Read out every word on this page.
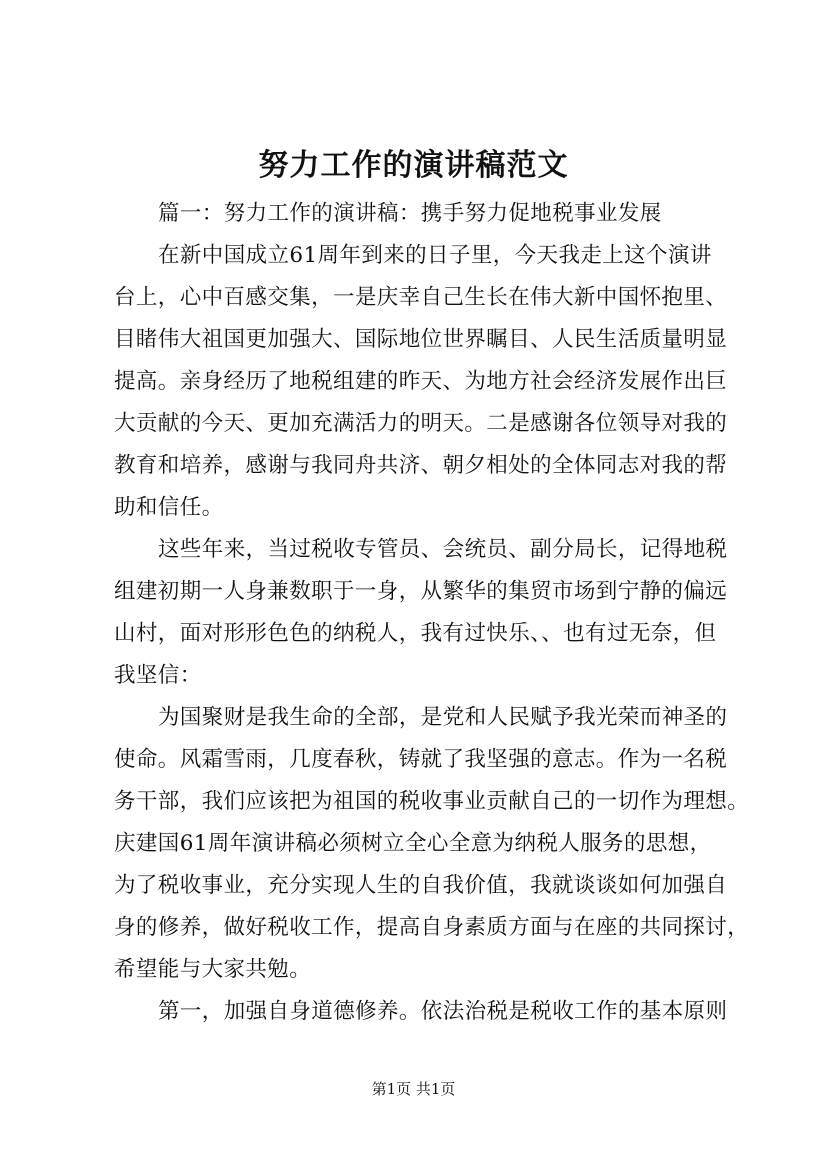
努力工作的演讲稿范文
篇一：努力工作的演讲稿：携手努力促地税事业发展
在新中国成立61周年到来的日子里，今天我走上这个演讲
台上，心中百感交集，一是庆幸自己生长在伟大新中国怀抱里、
目睹伟大祖国更加强大、国际地位世界瞩目、人民生活质量明显
提高。亲身经历了地税组建的昨天、为地方社会经济发展作出巨
大贡献的今天、更加充满活力的明天。二是感谢各位领导对我的
教育和培养，感谢与我同舟共济、朝夕相处的全体同志对我的帮
助和信任。
这些年来，当过税收专管员、会统员、副分局长，记得地税
组建初期一人身兼数职于一身，从繁华的集贸市场到宁静的偏远
山村，面对形形色色的纳税人，我有过快乐、、也有过无奈，但
我坚信：
为国聚财是我生命的全部，是党和人民赋予我光荣而神圣的
使命。风霜雪雨，几度春秋，铸就了我坚强的意志。作为一名税
务干部，我们应该把为祖国的税收事业贡献自己的一切作为理想。
庆建国61周年演讲稿必须树立全心全意为纳税人服务的思想，
为了税收事业，充分实现人生的自我价值，我就谈谈如何加强自
身的修养，做好税收工作，提高自身素质方面与在座的共同探讨，
希望能与大家共勉。
第一，加强自身道德修养。依法治税是税收工作的基本原则
第1页 共1页
